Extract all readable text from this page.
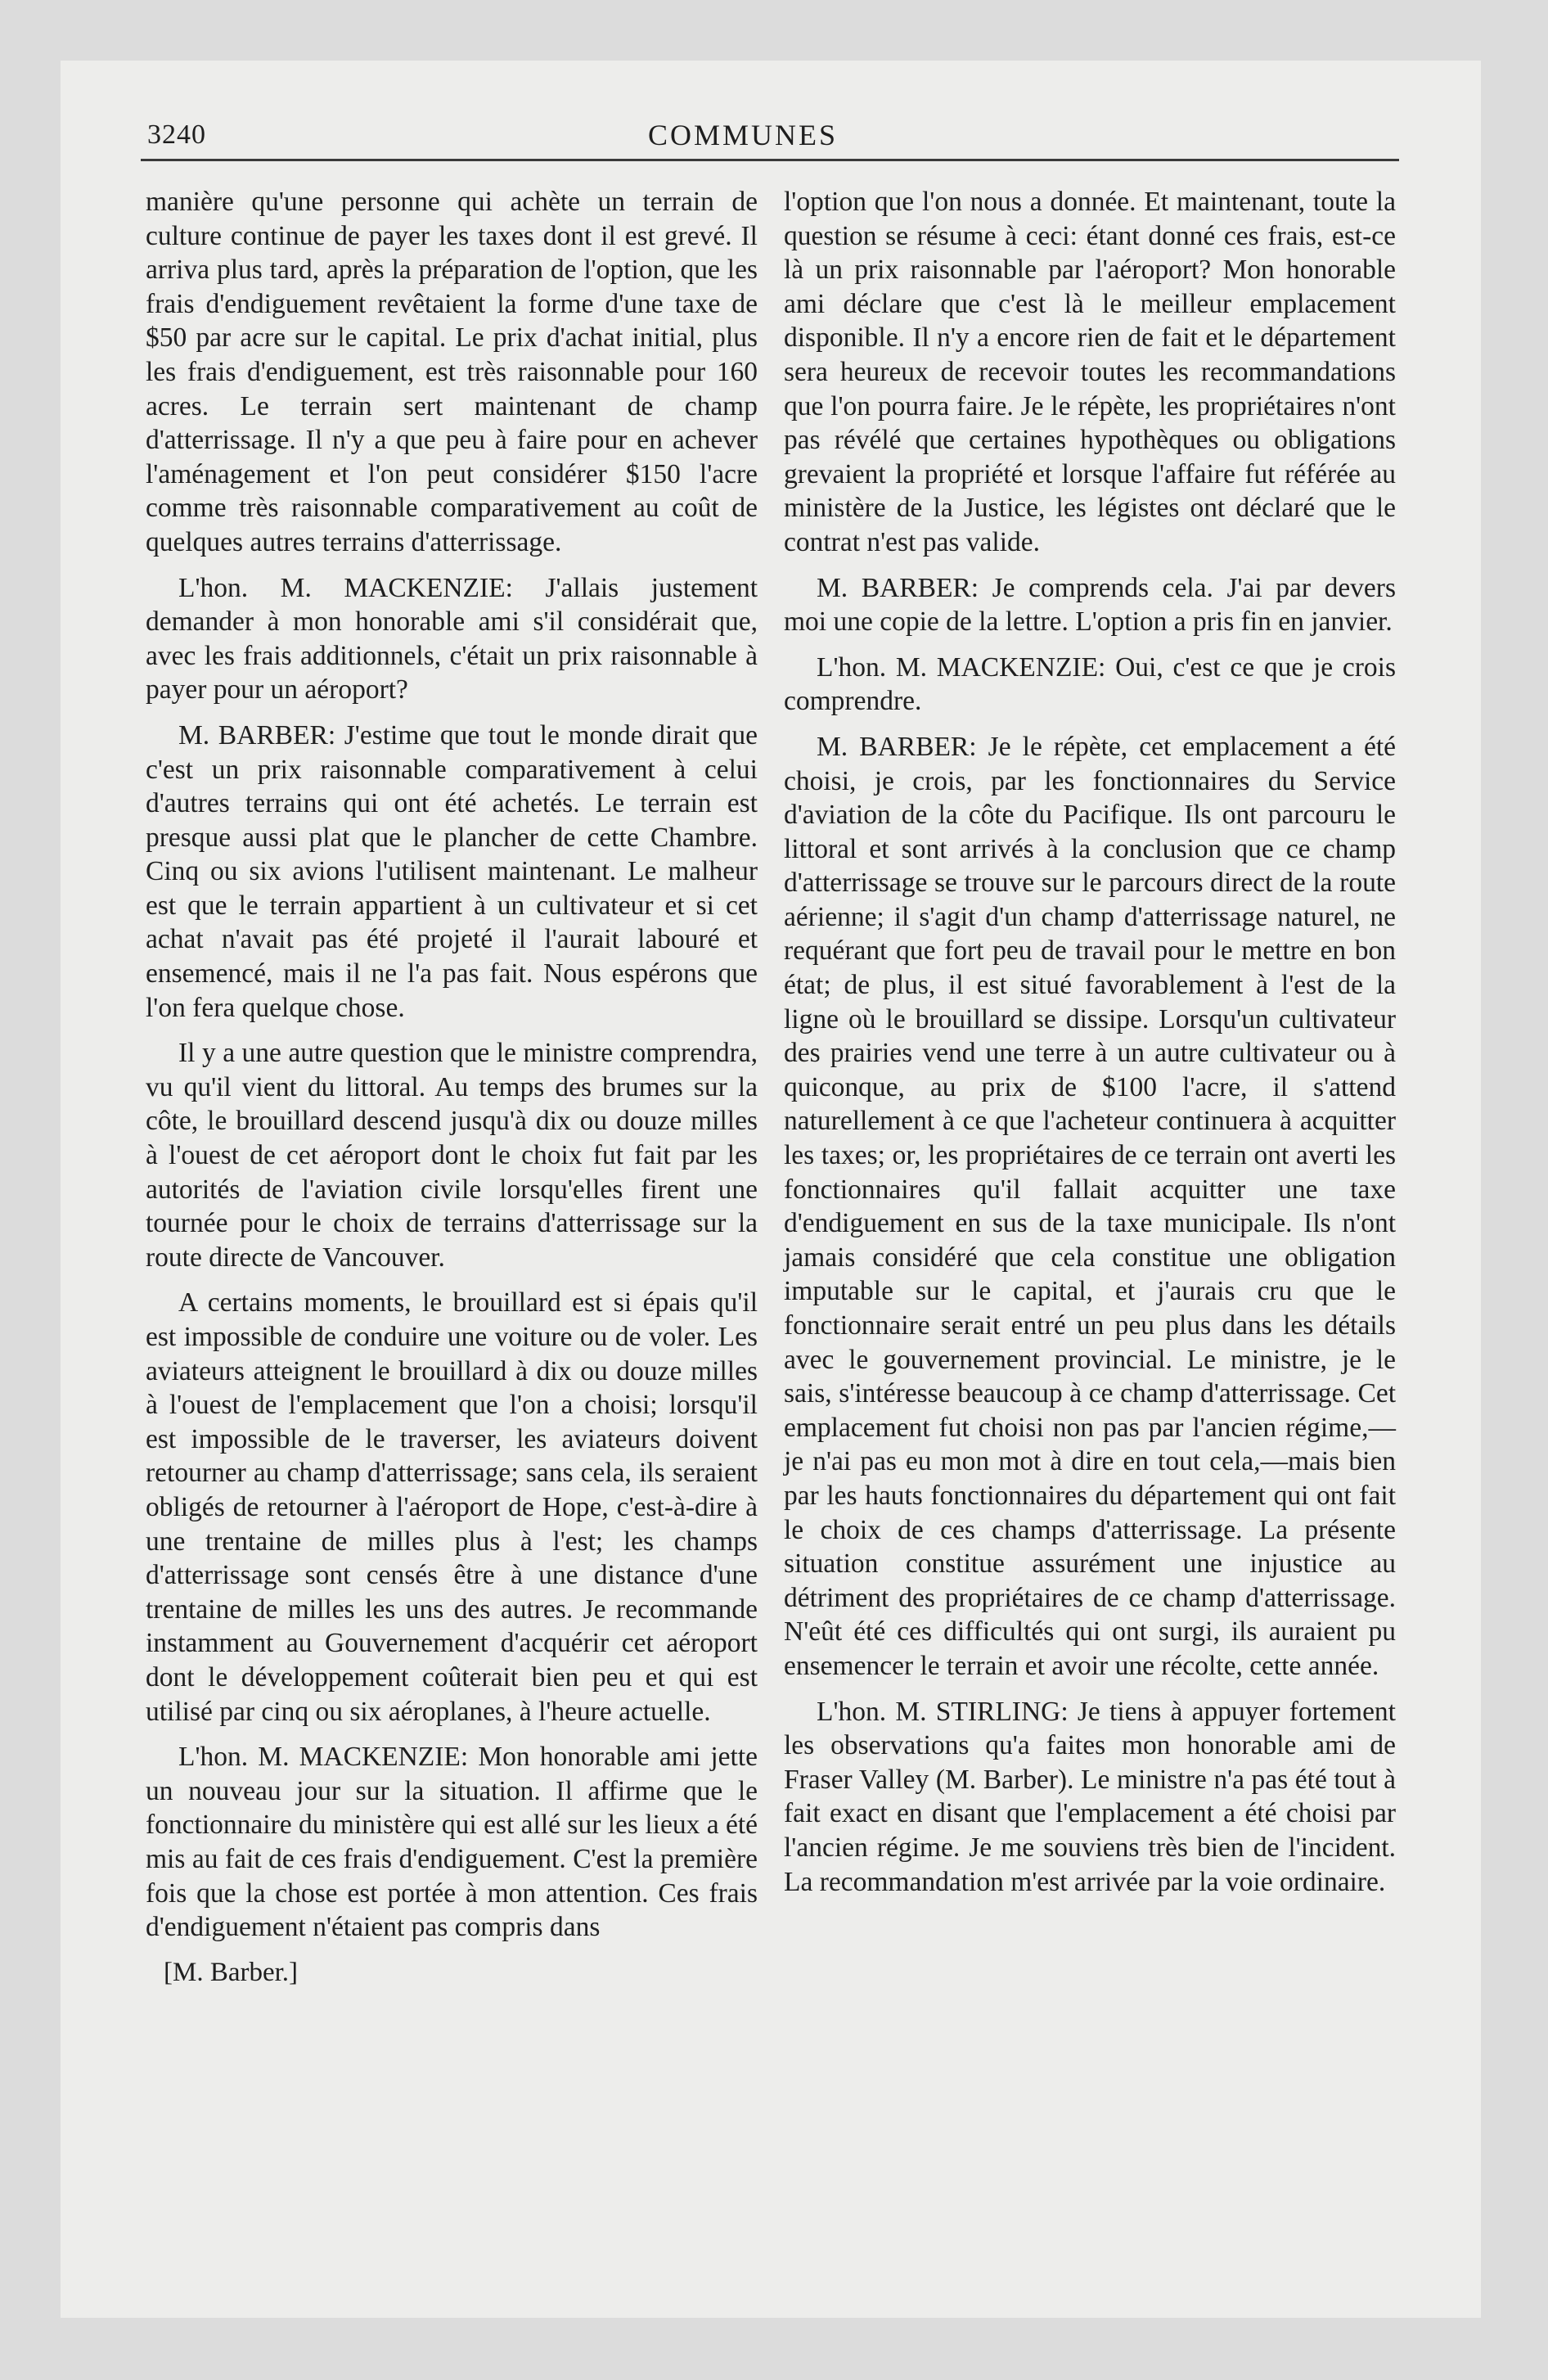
3240	COMMUNES

manière qu'une personne qui achète un terrain de culture continue de payer les taxes dont il est grevé. Il arriva plus tard, après la préparation de l'option, que les frais d'endiguement revêtaient la forme d'une taxe de $50 par acre sur le capital. Le prix d'achat initial, plus les frais d'endiguement, est très raisonnable pour 160 acres. Le terrain sert maintenant de champ d'atterrissage. Il n'y a que peu à faire pour en achever l'aménagement et l'on peut considérer $150 l'acre comme très raisonnable comparativement au coût de quelques autres terrains d'atterrissage.

L'hon. M. MACKENZIE: J'allais justement demander à mon honorable ami s'il considérait que, avec les frais additionnels, c'était un prix raisonnable à payer pour un aéroport?

M. BARBER: J'estime que tout le monde dirait que c'est un prix raisonnable comparativement à celui d'autres terrains qui ont été achetés. Le terrain est presque aussi plat que le plancher de cette Chambre. Cinq ou six avions l'utilisent maintenant. Le malheur est que le terrain appartient à un cultivateur et si cet achat n'avait pas été projeté il l'aurait labouré et ensemencé, mais il ne l'a pas fait. Nous espérons que l'on fera quelque chose.

Il y a une autre question que le ministre comprendra, vu qu'il vient du littoral. Au temps des brumes sur la côte, le brouillard descend jusqu'à dix ou douze milles à l'ouest de cet aéroport dont le choix fut fait par les autorités de l'aviation civile lorsqu'elles firent une tournée pour le choix de terrains d'atterrissage sur la route directe de Vancouver.

A certains moments, le brouillard est si épais qu'il est impossible de conduire une voiture ou de voler. Les aviateurs atteignent le brouillard à dix ou douze milles à l'ouest de l'emplacement que l'on a choisi; lorsqu'il est impossible de le traverser, les aviateurs doivent retourner au champ d'atterrissage; sans cela, ils seraient obligés de retourner à l'aéroport de Hope, c'est-à-dire à une trentaine de milles plus à l'est; les champs d'atterrissage sont censés être à une distance d'une trentaine de milles les uns des autres. Je recommande instamment au Gouvernement d'acquérir cet aéroport dont le développement coûterait bien peu et qui est utilisé par cinq ou six aéroplanes, à l'heure actuelle.

L'hon. M. MACKENZIE: Mon honorable ami jette un nouveau jour sur la situation. Il affirme que le fonctionnaire du ministère qui est allé sur les lieux a été mis au fait de ces frais d'endiguement. C'est la première fois que la chose est portée à mon attention. Ces frais d'endiguement n'étaient pas compris dans

[M. Barber.]

l'option que l'on nous a donnée. Et maintenant, toute la question se résume à ceci: étant donné ces frais, est-ce là un prix raisonnable par l'aéroport? Mon honorable ami déclare que c'est là le meilleur emplacement disponible. Il n'y a encore rien de fait et le département sera heureux de recevoir toutes les recommandations que l'on pourra faire. Je le répète, les propriétaires n'ont pas révélé que certaines hypothèques ou obligations grevaient la propriété et lorsque l'affaire fut référée au ministère de la Justice, les légistes ont déclaré que le contrat n'est pas valide.

M. BARBER: Je comprends cela. J'ai par devers moi une copie de la lettre. L'option a pris fin en janvier.

L'hon. M. MACKENZIE: Oui, c'est ce que je crois comprendre.

M. BARBER: Je le répète, cet emplacement a été choisi, je crois, par les fonctionnaires du Service d'aviation de la côte du Pacifique. Ils ont parcouru le littoral et sont arrivés à la conclusion que ce champ d'atterrissage se trouve sur le parcours direct de la route aérienne; il s'agit d'un champ d'atterrissage naturel, ne requérant que fort peu de travail pour le mettre en bon état; de plus, il est situé favorablement à l'est de la ligne où le brouillard se dissipe. Lorsqu'un cultivateur des prairies vend une terre à un autre cultivateur ou à quiconque, au prix de $100 l'acre, il s'attend naturellement à ce que l'acheteur continuera à acquitter les taxes; or, les propriétaires de ce terrain ont averti les fonctionnaires qu'il fallait acquitter une taxe d'endiguement en sus de la taxe municipale. Ils n'ont jamais considéré que cela constitue une obligation imputable sur le capital, et j'aurais cru que le fonctionnaire serait entré un peu plus dans les détails avec le gouvernement provincial. Le ministre, je le sais, s'intéresse beaucoup à ce champ d'atterrissage. Cet emplacement fut choisi non pas par l'ancien régime,—je n'ai pas eu mon mot à dire en tout cela,—mais bien par les hauts fonctionnaires du département qui ont fait le choix de ces champs d'atterrissage. La présente situation constitue assurément une injustice au détriment des propriétaires de ce champ d'atterrissage. N'eût été ces difficultés qui ont surgi, ils auraient pu ensemencer le terrain et avoir une récolte, cette année.

L'hon. M. STIRLING: Je tiens à appuyer fortement les observations qu'a faites mon honorable ami de Fraser Valley (M. Barber). Le ministre n'a pas été tout à fait exact en disant que l'emplacement a été choisi par l'ancien régime. Je me souviens très bien de l'incident. La recommandation m'est arrivée par la voie ordinaire.
